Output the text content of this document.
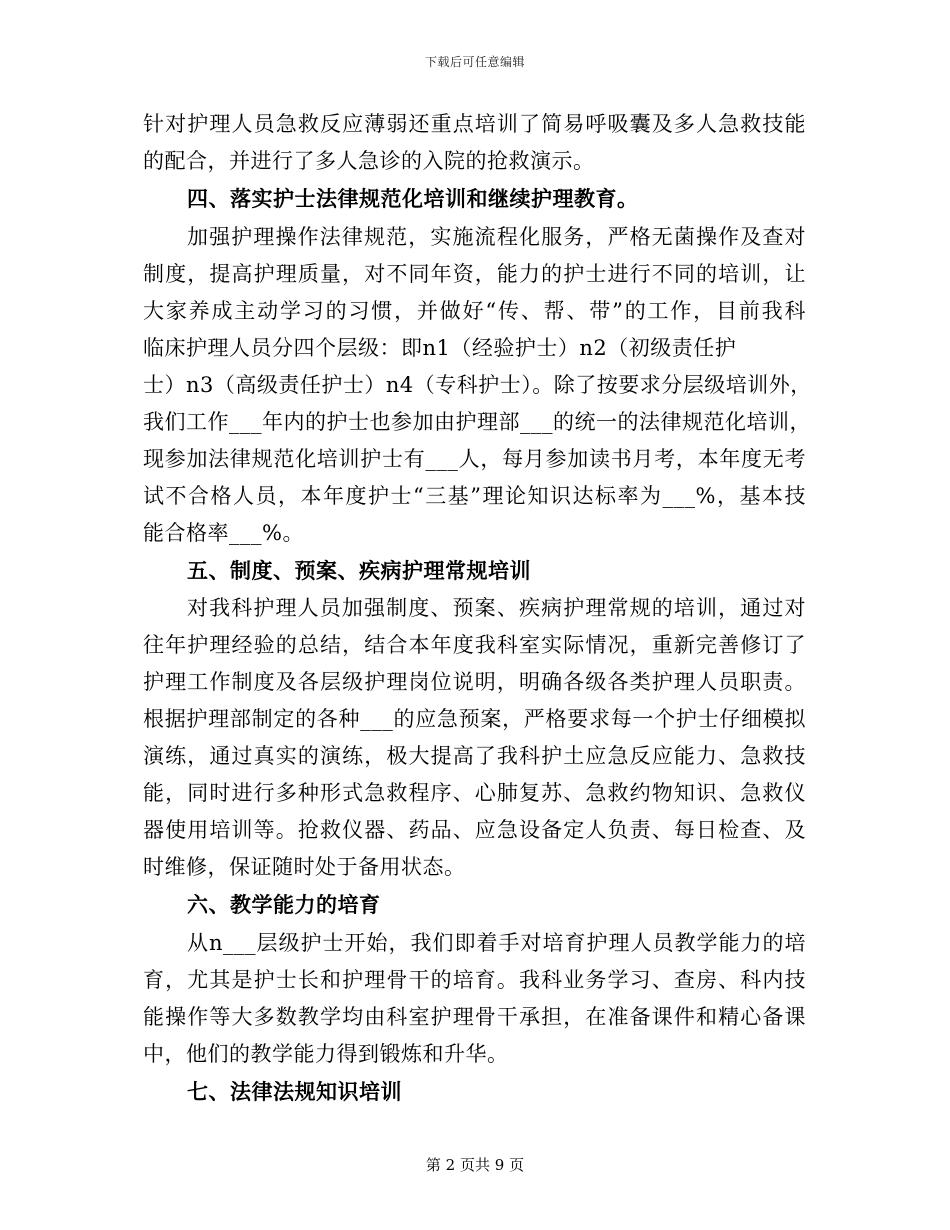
下载后可任意编辑
针对护理人员急救反应薄弱还重点培训了简易呼吸囊及多人急救技能
的配合，并进行了多人急诊的入院的抢救演示。
四、落实护士法律规范化培训和继续护理教育。
加强护理操作法律规范，实施流程化服务，严格无菌操作及查对
制度，提高护理质量，对不同年资，能力的护士进行不同的培训，让
大家养成主动学习的习惯，并做好“传、帮、带”的工作，目前我科
临床护理人员分四个层级：即n1（经验护士）n2（初级责任护
士）n3（高级责任护士）n4（专科护士）。除了按要求分层级培训外，
我们工作___年内的护士也参加由护理部___的统一的法律规范化培训，
现参加法律规范化培训护士有___人，每月参加读书月考，本年度无考
试不合格人员，本年度护士“三基”理论知识达标率为___%，基本技
能合格率___%。
五、制度、预案、疾病护理常规培训
对我科护理人员加强制度、预案、疾病护理常规的培训，通过对
往年护理经验的总结，结合本年度我科室实际情况，重新完善修订了
护理工作制度及各层级护理岗位说明，明确各级各类护理人员职责。
根据护理部制定的各种___的应急预案，严格要求每一个护士仔细模拟
演练，通过真实的演练，极大提高了我科护土应急反应能力、急救技
能，同时进行多种形式急救程序、心肺复苏、急救约物知识、急救仪
器使用培训等。抢救仪器、药品、应急设备定人负责、每日检查、及
时维修，保证随时处于备用状态。
六、教学能力的培育
从n___层级护士开始，我们即着手对培育护理人员教学能力的培
育，尤其是护士长和护理骨干的培育。我科业务学习、查房、科内技
能操作等大多数教学均由科室护理骨干承担，在准备课件和精心备课
中，他们的教学能力得到锻炼和升华。
七、法律法规知识培训
第 2 页共 9 页
